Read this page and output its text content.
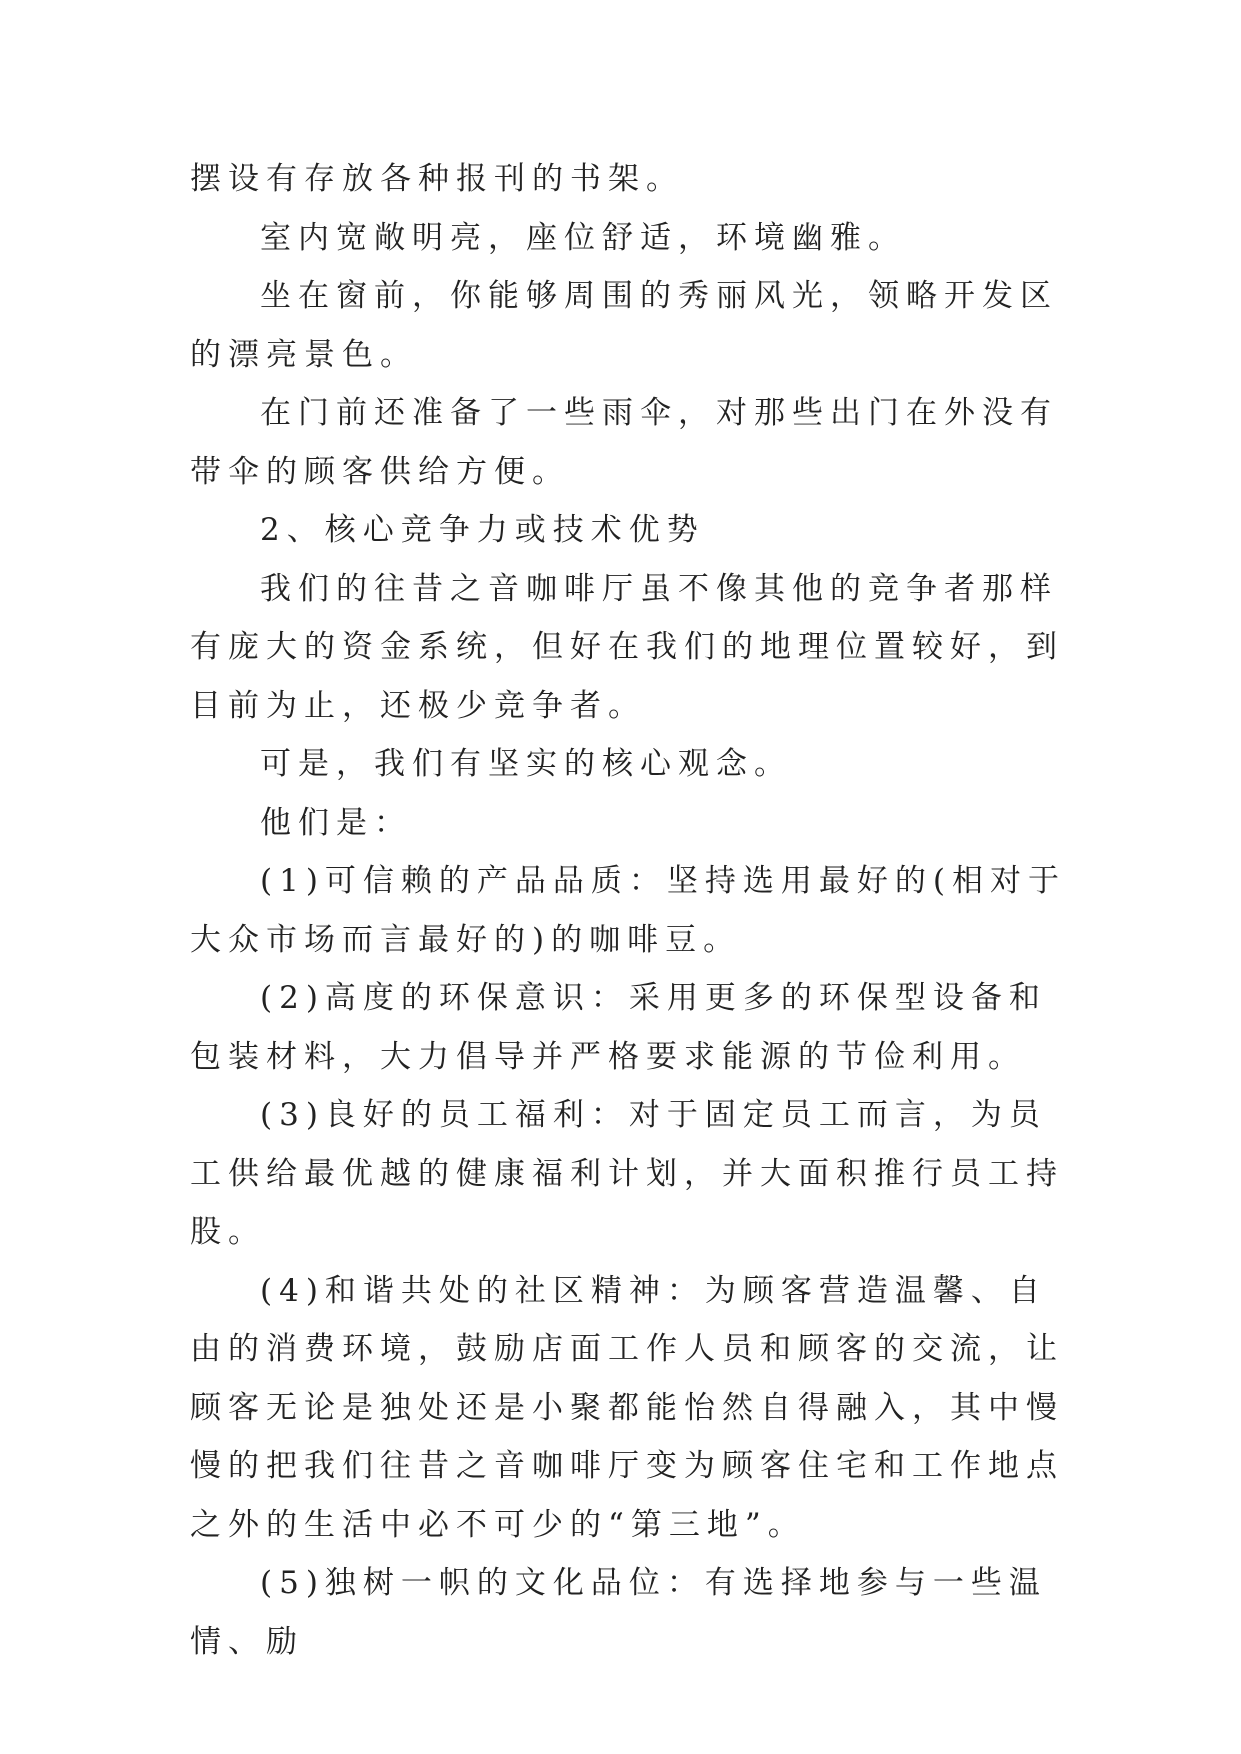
摆设有存放各种报刊的书架。

室内宽敞明亮，座位舒适，环境幽雅。

坐在窗前，你能够周围的秀丽风光，领略开发区的漂亮景色。

在门前还准备了一些雨伞，对那些出门在外没有带伞的顾客供给方便。

2、核心竞争力或技术优势

我们的往昔之音咖啡厅虽不像其他的竞争者那样有庞大的资金系统，但好在我们的地理位置较好，到目前为止，还极少竞争者。

可是，我们有坚实的核心观念。

他们是：

(1)可信赖的产品品质：坚持选用最好的(相对于大众市场而言最好的)的咖啡豆。

(2)高度的环保意识：采用更多的环保型设备和包装材料，大力倡导并严格要求能源的节俭利用。

(3)良好的员工福利：对于固定员工而言，为员工供给最优越的健康福利计划，并大面积推行员工持股。

(4)和谐共处的社区精神：为顾客营造温馨、自由的消费环境，鼓励店面工作人员和顾客的交流，让顾客无论是独处还是小聚都能怡然自得融入，其中慢慢的把我们往昔之音咖啡厅变为顾客住宅和工作地点之外的生活中必不可少的“第三地”。

(5)独树一帜的文化品位：有选择地参与一些温情、励
